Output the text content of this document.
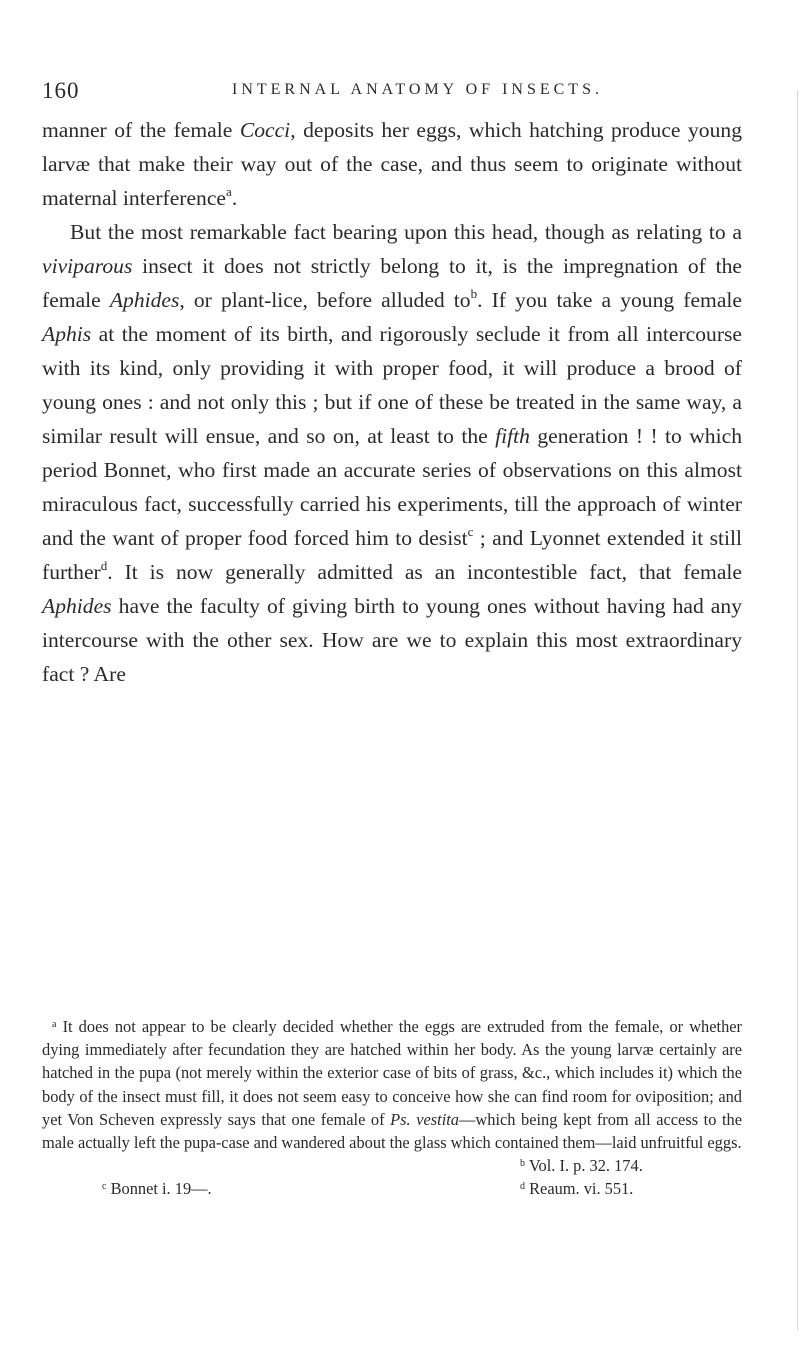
160	INTERNAL ANATOMY OF INSECTS.

manner of the female Cocci, deposits her eggs, which hatching produce young larvæ that make their way out of the case, and thus seem to originate without maternal interference$^a$.

But the most remarkable fact bearing upon this head, though as relating to a viviparous insect it does not strictly belong to it, is the impregnation of the female Aphides, or plant-lice, before alluded $to^b$. If you take a young female Aphis at the moment of its birth, and rigorously seclude it from all intercourse with its kind, only providing it with proper food, it will produce a brood of young ones : and not only this ; but if one of these be treated in the same way, a similar result will ensue, and so on, at least to the fifth generation ! ! to which period Bonnet, who first made an accurate series of observations on this almost miraculous fact, successfully carried his experiments, till the approach of winter and the want of proper food forced him to desist$^c$ ; and Lyonnet extended it still further$^d$. It is now generally admitted as an incontestible fact, that female Aphides have the faculty of giving birth to young ones without having had any intercourse with the other sex. How are we to explain this most extraordinary fact ? Are

$^a$ It does not appear to be clearly decided whether the eggs are extruded from the female, or whether dying immediately after fecundation they are hatched within her body. As the young larvæ certainly are hatched in the pupa (not merely within the exterior case of bits of grass, &c., which includes it) which the body of the insect must fill, it does not seem easy to conceive how she can find room for oviposition; and yet Von Scheven expressly says that one female of Ps. vestita—which being kept from all access to the male actually left the pupa-case and wandered about the glass which contained them—laid unfruitful eggs.

$^b$ Vol. I. p. 32. 174.
$^c$ Bonnet i. 19—.	$^d$ Reaum. vi. 551.
